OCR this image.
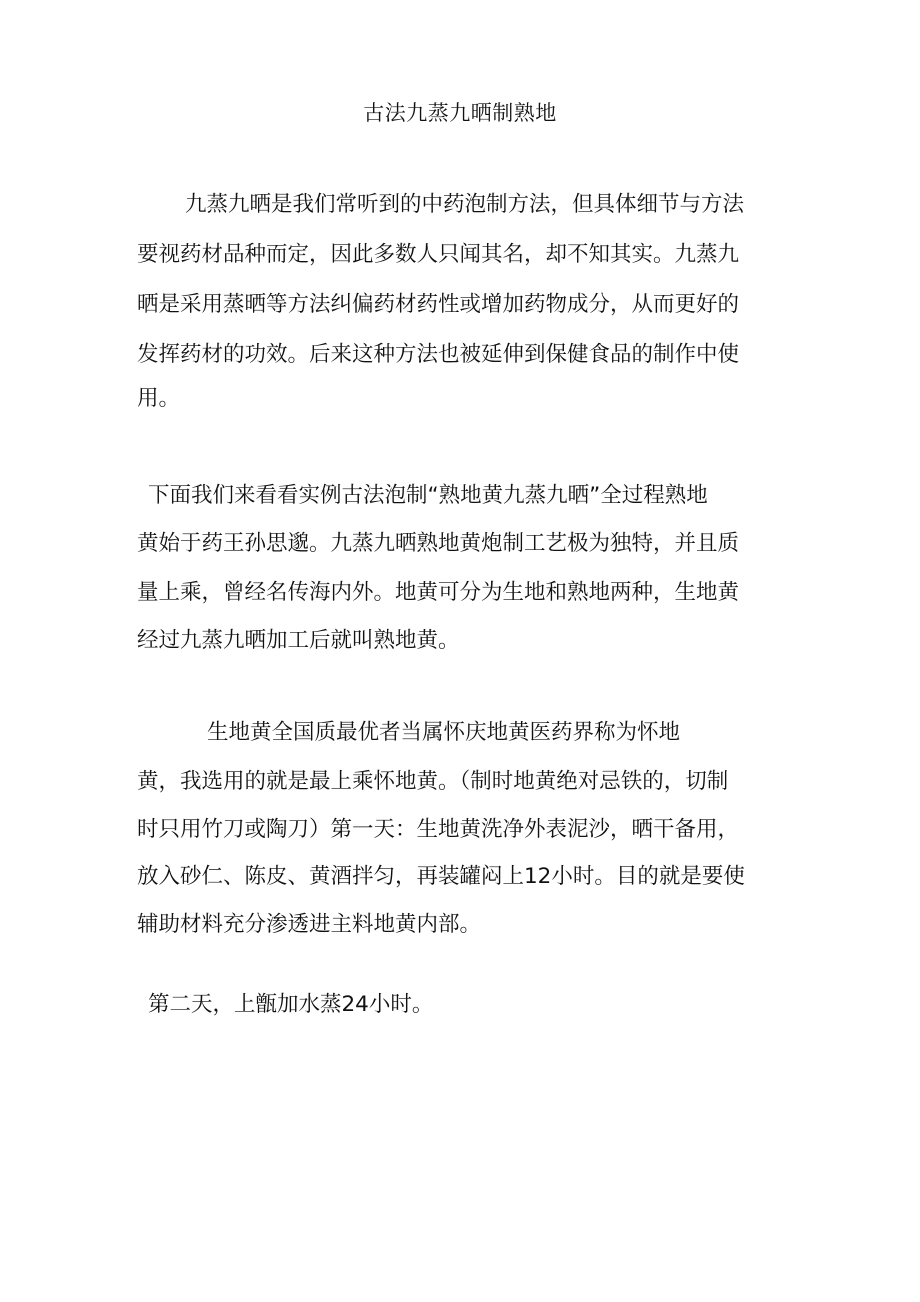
古法九蒸九晒制熟地
九蒸九晒是我们常听到的中药泡制方法，但具体细节与方法
要视药材品种而定，因此多数人只闻其名，却不知其实。九蒸九
晒是采用蒸晒等方法纠偏药材药性或增加药物成分，从而更好的
发挥药材的功效。后来这种方法也被延伸到保健食品的制作中使
用。
下面我们来看看实例古法泡制“熟地黄九蒸九晒”全过程熟地
黄始于药王孙思邈。九蒸九晒熟地黄炮制工艺极为独特，并且质
量上乘，曾经名传海内外。地黄可分为生地和熟地两种，生地黄
经过九蒸九晒加工后就叫熟地黄。
生地黄全国质最优者当属怀庆地黄医药界称为怀地
黄，我选用的就是最上乘怀地黄。（制时地黄绝对忌铁的，切制
时只用竹刀或陶刀）第一天：生地黄洗净外表泥沙，晒干备用，
放入砂仁、陈皮、黄酒拌匀，再装罐闷上12小时。目的就是要使
辅助材料充分渗透进主料地黄内部。
第二天，上甑加水蒸24小时。
